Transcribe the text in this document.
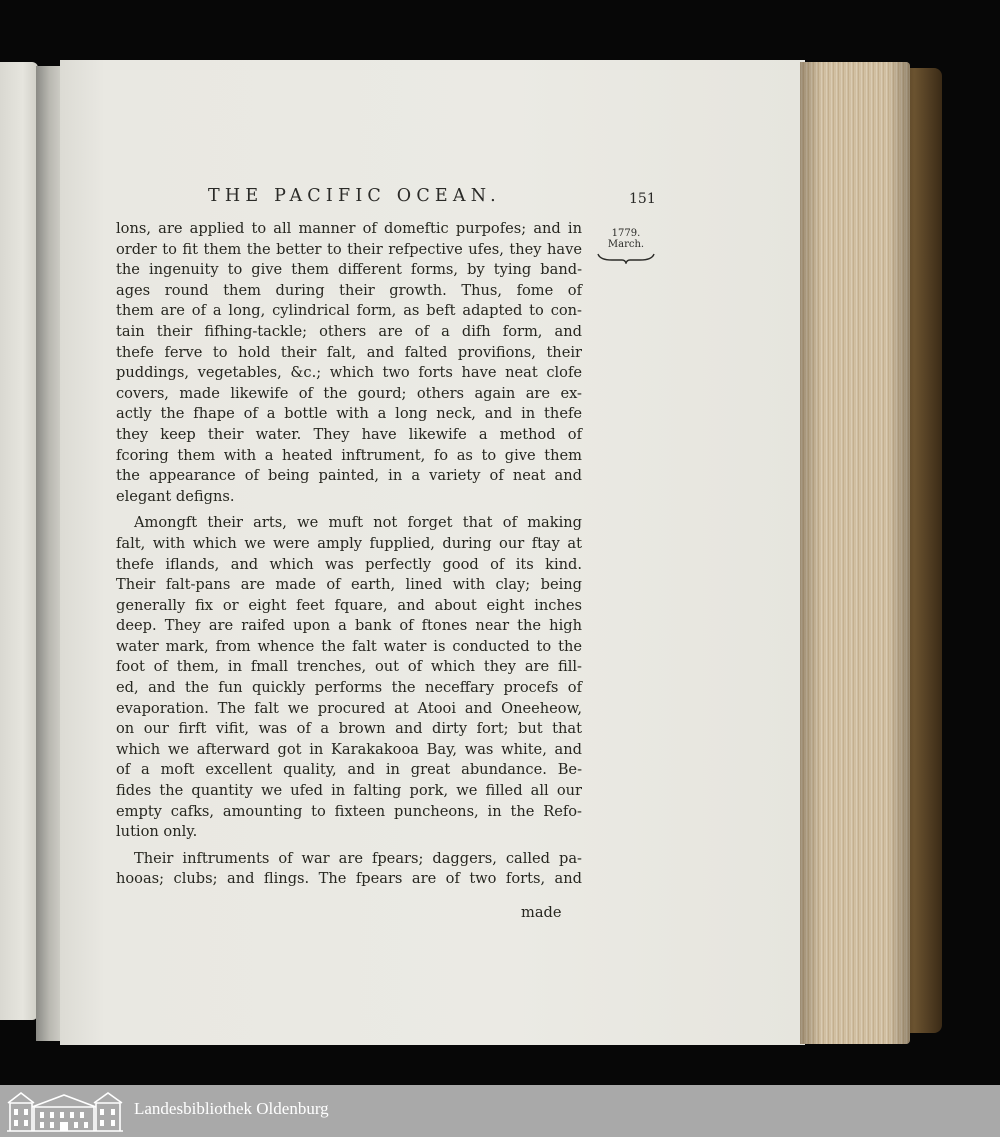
THE PACIFIC OCEAN.	151
1779.
March.
lons, are applied to all manner of domeftic purpofes; and in
order to fit them the better to their refpective ufes, they have
the ingenuity to give them different forms, by tying band-
ages round them during their growth. Thus, fome of
them are of a long, cylindrical form, as beft adapted to con-
tain their fifhing-tackle; others are of a difh form, and
thefe ferve to hold their falt, and falted provifions, their
puddings, vegetables, &c.; which two forts have neat clofe
covers, made likewife of the gourd; others again are ex-
actly the fhape of a bottle with a long neck, and in thefe
they keep their water. They have likewife a method of
fcoring them with a heated inftrument, fo as to give them
the appearance of being painted, in a variety of neat and
elegant defigns.
Amongft their arts, we muft not forget that of making
falt, with which we were amply fupplied, during our ftay at
thefe iflands, and which was perfectly good of its kind.
Their falt-pans are made of earth, lined with clay; being
generally fix or eight feet fquare, and about eight inches
deep. They are raifed upon a bank of ftones near the high
water mark, from whence the falt water is conducted to the
foot of them, in fmall trenches, out of which they are fill-
ed, and the fun quickly performs the neceffary procefs of
evaporation. The falt we procured at Atooi and Oneeheow,
on our firft vifit, was of a brown and dirty fort; but that
which we afterward got in Karakakooa Bay, was white, and
of a moft excellent quality, and in great abundance. Be-
fides the quantity we ufed in falting pork, we filled all our
empty cafks, amounting to fixteen puncheons, in the Refo-
lution only.
Their inftruments of war are fpears; daggers, called pa-
hooas; clubs; and flings. The fpears are of two forts, and
made
Landesbibliothek Oldenburg
